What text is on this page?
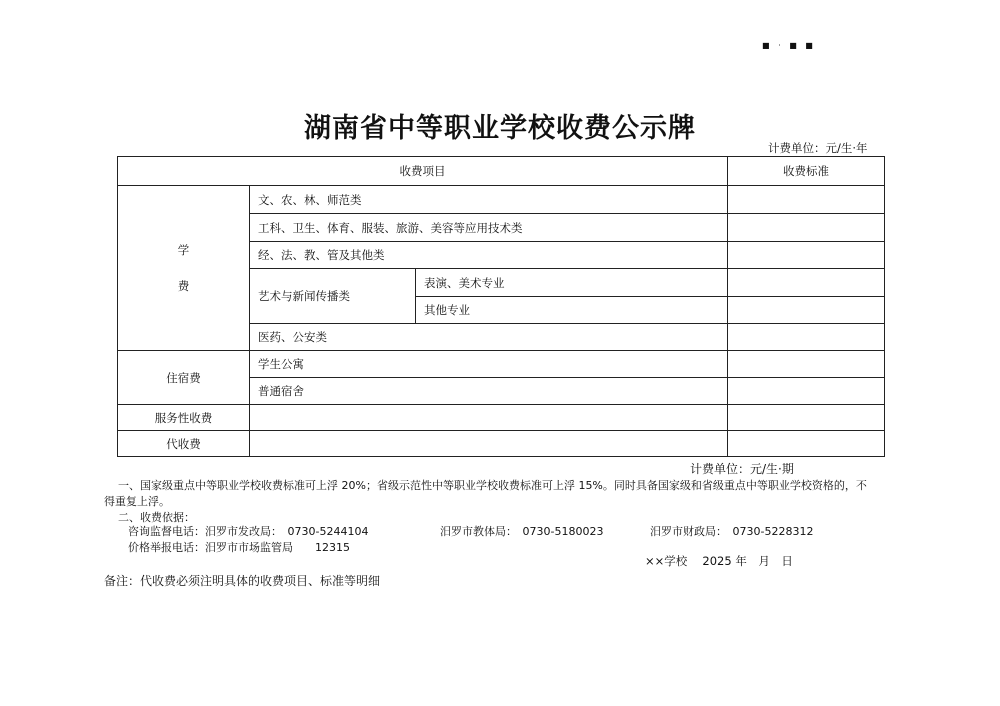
■ · ■ ■
湖南省中等职业学校收费公示牌
计费单位：元/生·年
收费项目			收费标准

学
费	文、农、林、师范类		
	工科、卫生、体育、服装、旅游、美容等应用技术类		
	经、法、教、管及其他类		
	艺术与新闻传播类	表演、美术专业	
		其他专业	
	医药、公安类		
住宿费	学生公寓		
	普通宿舍		
服务性收费			
代收费			
计费单位：元/生·期
一、国家级重点中等职业学校收费标准可上浮 20%；省级示范性中等职业学校收费标准可上浮 15%。同时具备国家级和省级重点中等职业学校资格的，不
得重复上浮。
二、收费依据：
咨询监督电话：汨罗市发改局：　0730-5244104	汨罗市教体局：　0730-5180023	汨罗市财政局：　0730-5228312
价格举报电话：汨罗市市场监管局　　12315
××学校　 2025 年　月　日
备注：代收费必须注明具体的收费项目、标准等明细
